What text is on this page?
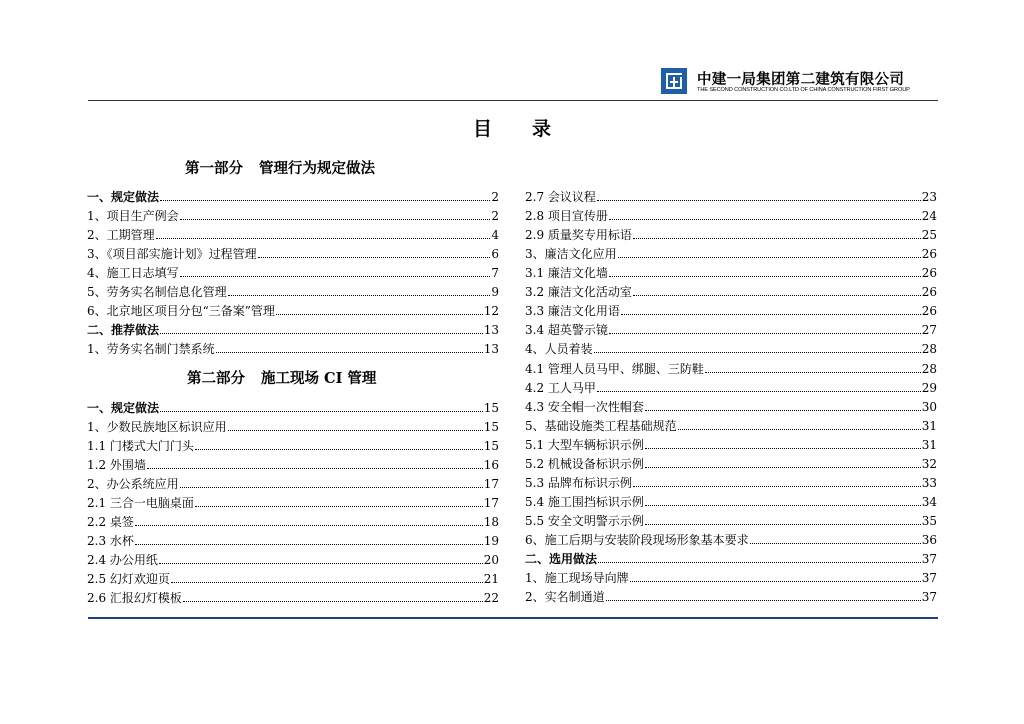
中建一局集团第二建筑有限公司
THE SECOND CONSTRUCTION CO.LTD OF CHINA CONSTRUCTION FIRST GROUP
目录
第一部分 管理行为规定做法
第二部分 施工现场 CI 管理
一、规定做法	2
1、项目生产例会	2
2、工期管理	4
3、《项目部实施计划》过程管理	6
4、施工日志填写	7
5、劳务实名制信息化管理	9
6、北京地区项目分包“三备案”管理	12
二、推荐做法	13
1、劳务实名制门禁系统	13
一、规定做法	15
1、少数民族地区标识应用	15
1.1 门楼式大门门头	15
1.2 外围墙	16
2、办公系统应用	17
2.1 三合一电脑桌面	17
2.2 桌签	18
2.3 水杯	19
2.4 办公用纸	20
2.5 幻灯欢迎页	21
2.6 汇报幻灯模板	22
2.7 会议议程	23
2.8 项目宣传册	24
2.9 质量奖专用标语	25
3、廉洁文化应用	26
3.1 廉洁文化墙	26
3.2 廉洁文化活动室	26
3.3 廉洁文化用语	26
3.4 超英警示镜	27
4、人员着装	28
4.1 管理人员马甲、绑腿、三防鞋	28
4.2 工人马甲	29
4.3 安全帽一次性帽套	30
5、基础设施类工程基础规范	31
5.1 大型车辆标识示例	31
5.2 机械设备标识示例	32
5.3 品牌布标识示例	33
5.4 施工围挡标识示例	34
5.5 安全文明警示示例	35
6、施工后期与安装阶段现场形象基本要求	36
二、选用做法	37
1、施工现场导向牌	37
2、实名制通道	37
